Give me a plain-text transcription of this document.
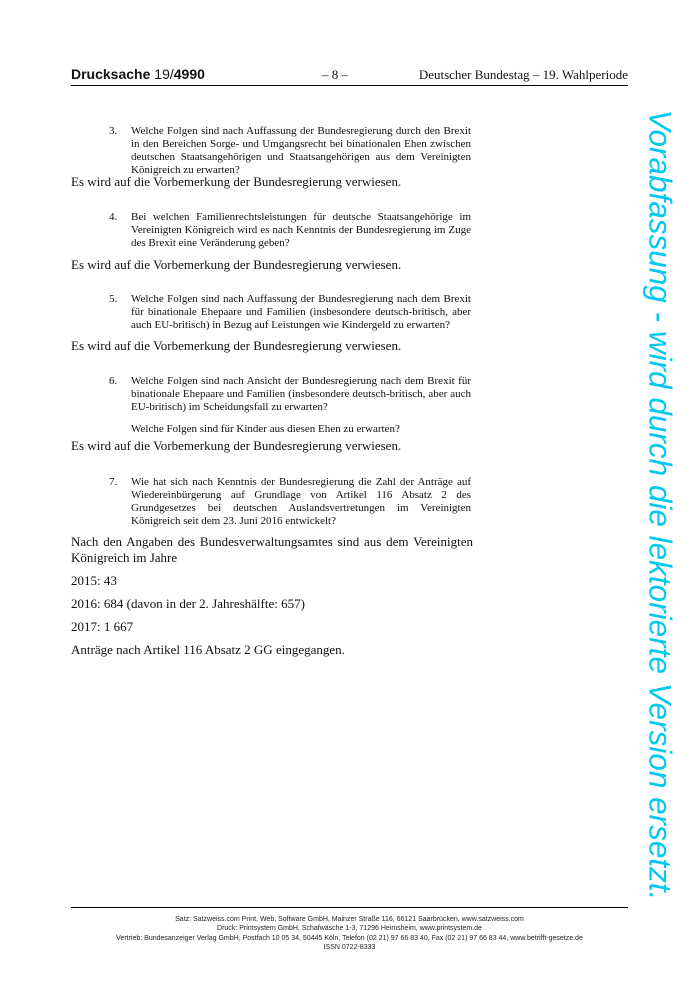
Drucksache 19/4990	– 8 –	Deutscher Bundestag – 19. Wahlperiode
3. Welche Folgen sind nach Auffassung der Bundesregierung durch den Brexit in den Bereichen Sorge- und Umgangsrecht bei binationalen Ehen zwischen deutschen Staatsangehörigen und Staatsangehörigen aus dem Vereinigten Königreich zu erwarten?

Es wird auf die Vorbemerkung der Bundesregierung verwiesen.

4. Bei welchen Familienrechtsleistungen für deutsche Staatsangehörige im Vereinigten Königreich wird es nach Kenntnis der Bundesregierung im Zuge des Brexit eine Veränderung geben?

Es wird auf die Vorbemerkung der Bundesregierung verwiesen.

5. Welche Folgen sind nach Auffassung der Bundesregierung nach dem Brexit für binationale Ehepaare und Familien (insbesondere deutsch-britisch, aber auch EU-britisch) in Bezug auf Leistungen wie Kindergeld zu erwarten?

Es wird auf die Vorbemerkung der Bundesregierung verwiesen.

6. Welche Folgen sind nach Ansicht der Bundesregierung nach dem Brexit für binationale Ehepaare und Familien (insbesondere deutsch-britisch, aber auch EU-britisch) im Scheidungsfall zu erwarten?

Welche Folgen sind für Kinder aus diesen Ehen zu erwarten?

Es wird auf die Vorbemerkung der Bundesregierung verwiesen.

7. Wie hat sich nach Kenntnis der Bundesregierung die Zahl der Anträge auf Wiedereinbürgerung auf Grundlage von Artikel 116 Absatz 2 des Grundgesetzes bei deutschen Auslandsvertretungen im Vereinigten Königreich seit dem 23. Juni 2016 entwickelt?

Nach den Angaben des Bundesverwaltungsamtes sind aus dem Vereinigten Königreich im Jahre

2015: 43

2016: 684 (davon in der 2. Jahreshälfte: 657)

2017: 1 667

Anträge nach Artikel 116 Absatz 2 GG eingegangen.	Vorabfassung - wird durch die lektorierte Version ersetzt.
Satz: Satzweiss.com Print, Web, Software GmbH, Mainzer Straße 116, 66121 Saarbrücken, www.satzweiss.com
Druck: Printsystem GmbH, Schafwäsche 1-3, 71296 Heimsheim, www.printsystem.de
Vertrieb: Bundesanzeiger Verlag GmbH, Postfach 10 05 34, 50445 Köln, Telefon (02 21) 97 66 83 40, Fax (02 21) 97 66 83 44, www.betrifft-gesetze.de
ISSN 0722-8333
